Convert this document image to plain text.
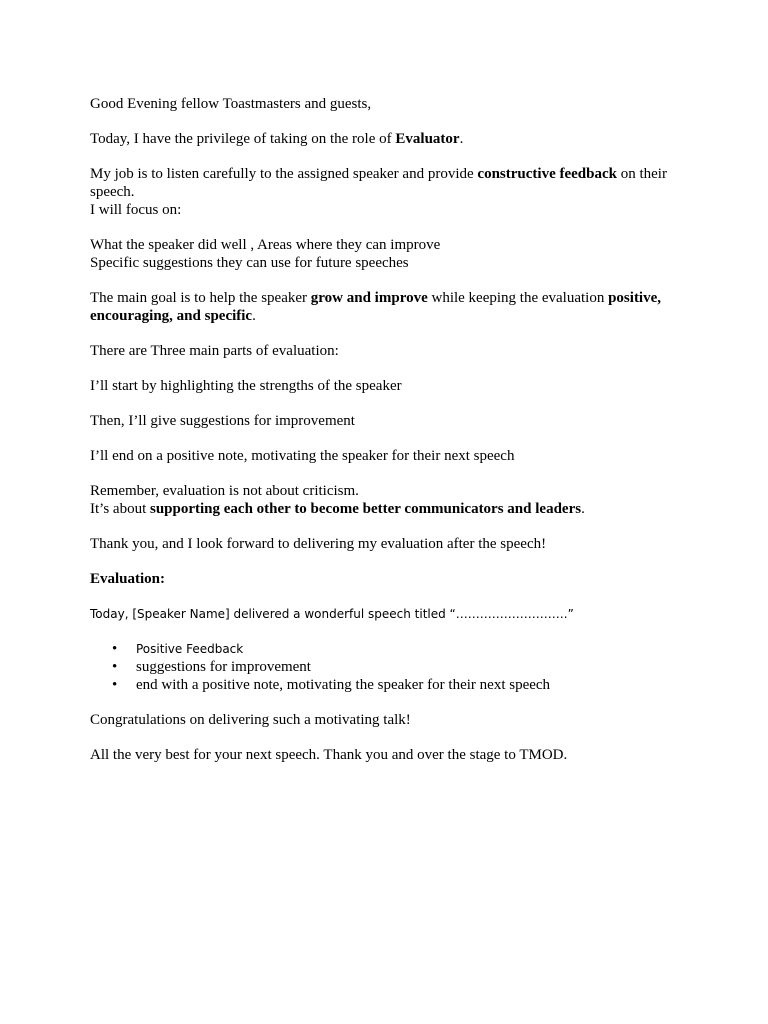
Good Evening fellow Toastmasters and guests,

Today, I have the privilege of taking on the role of Evaluator.

My job is to listen carefully to the assigned speaker and provide constructive feedback on their speech.

I will focus on:

What the speaker did well , Areas where they can improve

Specific suggestions they can use for future speeches

The main goal is to help the speaker grow and improve while keeping the evaluation positive, encouraging, and specific.

There are Three main parts of evaluation:

I’ll start by highlighting the strengths of the speaker

Then, I’ll give suggestions for improvement

I’ll end on a positive note, motivating the speaker for their next speech

Remember, evaluation is not about criticism.

It’s about supporting each other to become better communicators and leaders.

Thank you, and I look forward to delivering my evaluation after the speech!

Evaluation:

Today, [Speaker Name] delivered a wonderful speech titled “……………………….”

• Positive Feedback
• suggestions for improvement
• end with a positive note, motivating the speaker for their next speech

Congratulations on delivering such a motivating talk!

All the very best for your next speech. Thank you and over the stage to TMOD.
